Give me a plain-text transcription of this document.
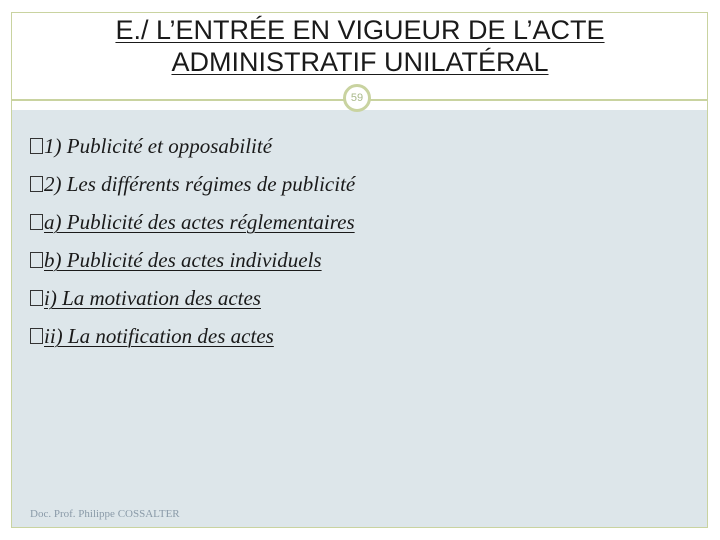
E./ L’ENTRÉE EN VIGUEUR DE L’ACTE
ADMINISTRATIF UNILATÉRAL
59
1) Publicité et opposabilité
2) Les différents régimes de publicité
a) Publicité des actes réglementaires
b) Publicité des actes individuels
i) La motivation des actes
ii) La notification des actes
Doc. Prof. Philippe COSSALTER
